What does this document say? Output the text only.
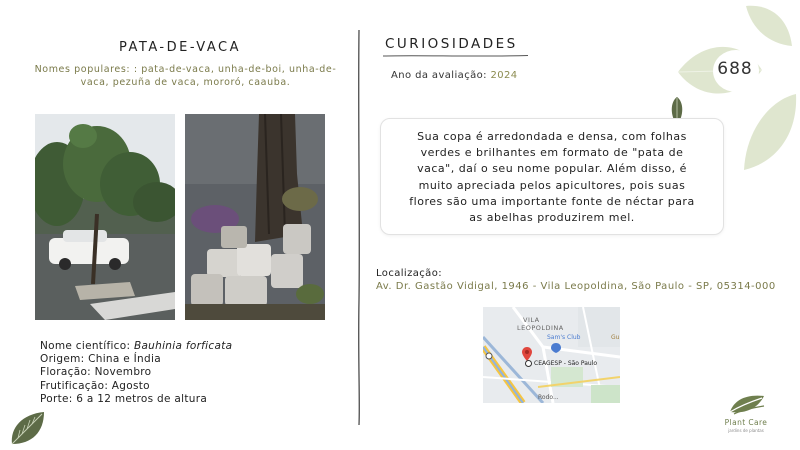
PATA-DE-VACA
Nomes populares: : pata-de-vaca, unha-de-boi, unha-de-vaca, pezuña de vaca, mororó, caauba.
Nome científico: Bauhinia forficata
Origem: China e Índia
Floração: Novembro
Frutificação: Agosto
Porte: 6 a 12 metros de altura
CURIOSIDADES
Ano da avaliação: 2024	688

Sua copa é arredondada e densa, com folhas verdes e brilhantes em formato de "pata de vaca", daí o seu nome popular. Além disso, é muito apreciada pelos apicultores, pois suas flores são uma importante fonte de néctar para as abelhas produzirem mel.

Localização:
Av. Dr. Gastão Vidigal, 1946 - Vila Leopoldina, São Paulo - SP, 05314-000
VILA
LEOPOLDINA
Sam's Club
CEAGESP - São Paulo
Rodo...
Gu
Plant Care
jardins de plantas
